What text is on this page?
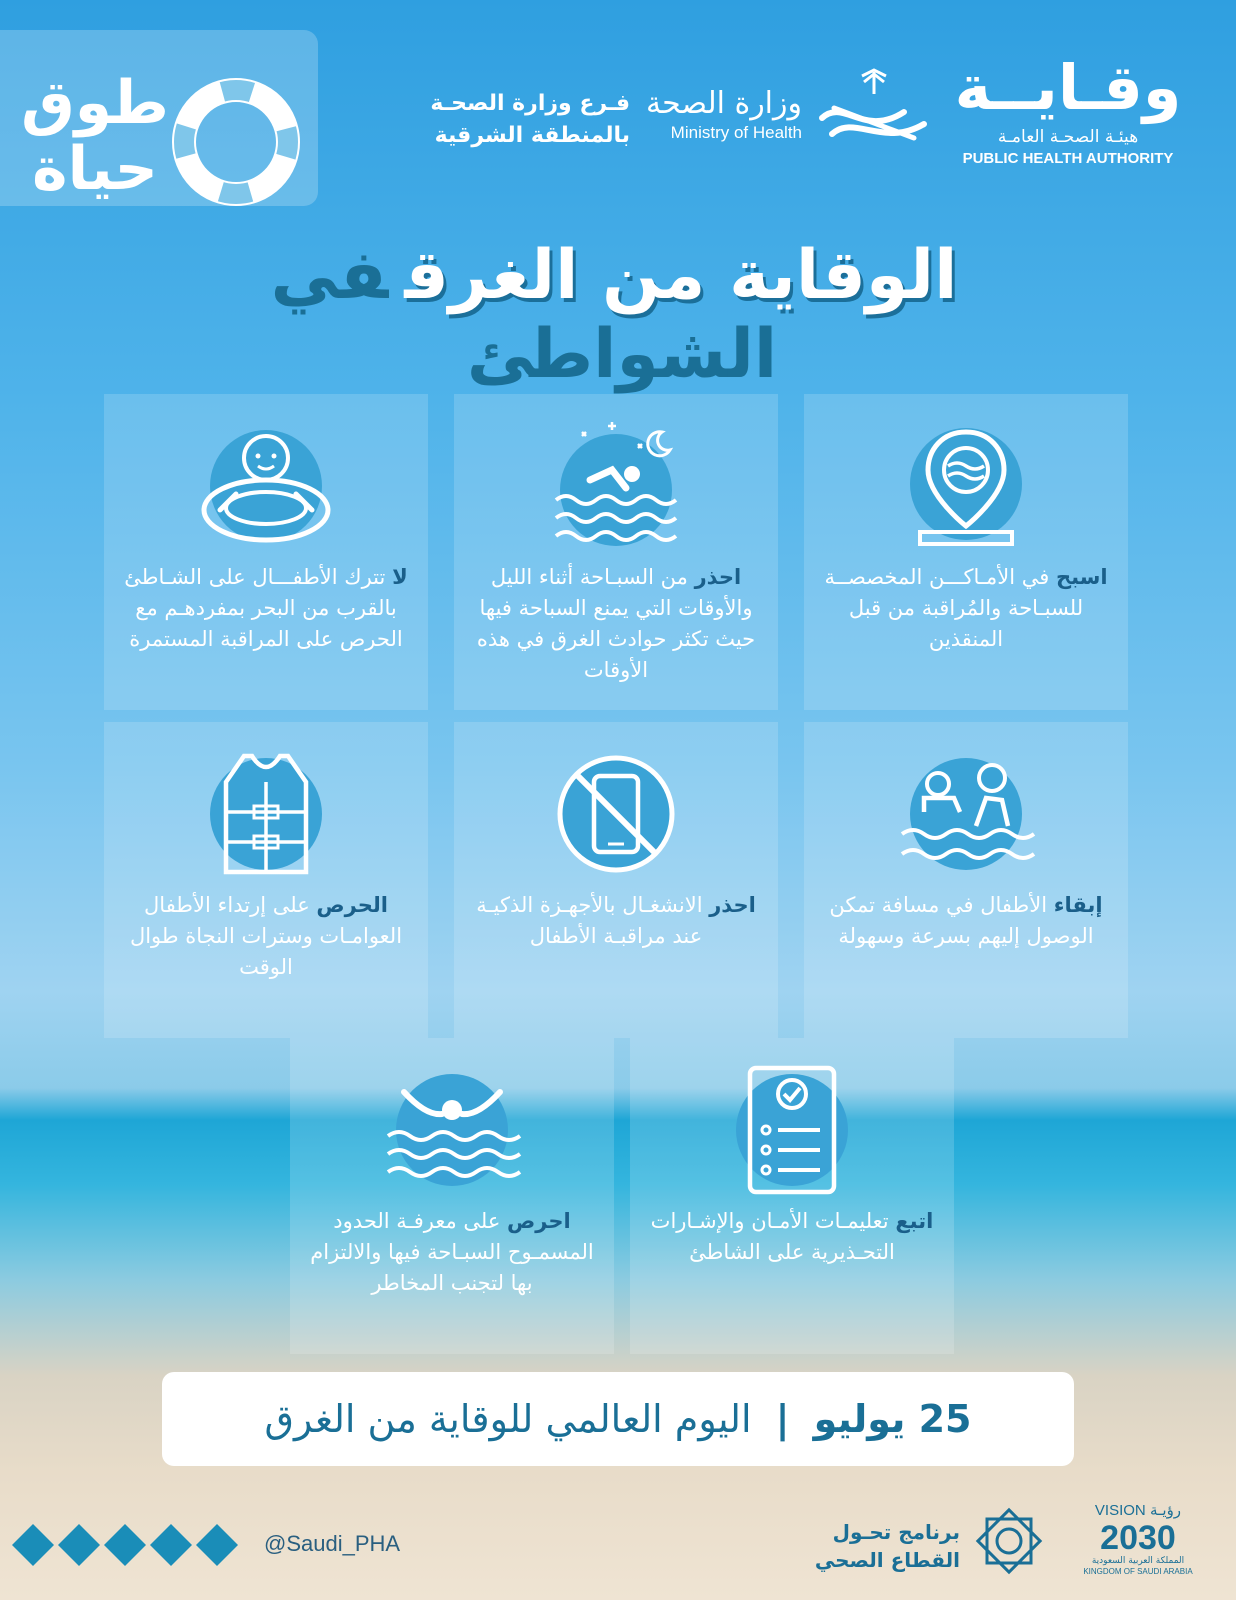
طوق حياة
فـرع وزارة الصحـة
بالمنطقة الشرقية
وزارة الصحة
Ministry of Health
وقـايــة
هيئـة الصحـة العامـة
PUBLIC HEALTH AUTHORITY
الوقاية من الغرقفي الشواطئ
اسبح في الأمـاكـــن المخصصــة للسبـاحة والمُراقبة من قبل المنقذين
احذر من السبـاحة أثناء الليل والأوقات التي يمنع السباحة فيها حيث تكثر حوادث الغرق في هذه الأوقات
لا تترك الأطفـــال على الشـاطئ بالقرب من البحر بمفردهـم مع الحرص على المراقبة المستمرة
إبقاء الأطفال في مسافة تمكن الوصول إليهم بسرعة وسهولة
احذر الانشغـال بالأجهـزة الذكيـة عند مراقبـة الأطفال
الحرص على إرتداء الأطفال العوامـات وسترات النجاة طوال الوقت
اتبع تعليمـات الأمـان والإشـارات التحـذيرية على الشاطئ
احرص على معرفـة الحدود المسمـوح السبـاحة فيها والالتزام بها لتجنب المخاطر
25 يوليو | اليوم العالمي للوقاية من الغرق
@Saudi_PHA	برنامج تحـول
القطاع الصحي
VISION رؤيـة
2030
المملكة العربية السعودية
KINGDOM OF SAUDI ARABIA
